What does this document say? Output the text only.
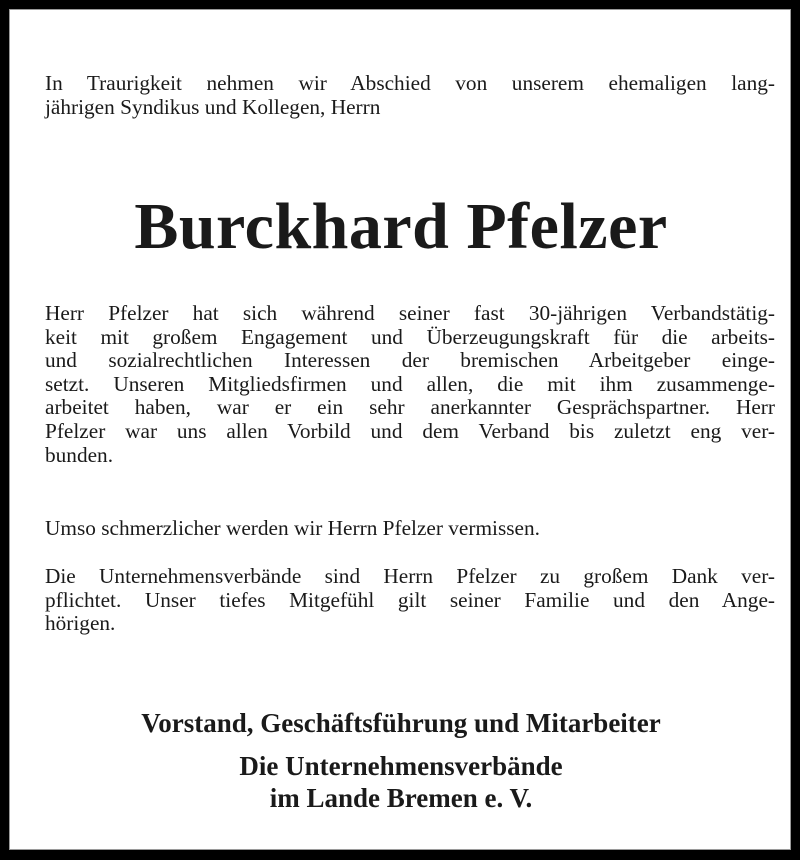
In Traurigkeit nehmen wir Abschied von unserem ehemaligen lang-
jährigen Syndikus und Kollegen, Herrn

Burckhard Pfelzer

Herr Pfelzer hat sich während seiner fast 30-jährigen Verbandstätig-
keit mit großem Engagement und Überzeugungskraft für die arbeits-
und sozialrechtlichen Interessen der bremischen Arbeitgeber einge-
setzt. Unseren Mitgliedsfirmen und allen, die mit ihm zusammenge-
arbeitet haben, war er ein sehr anerkannter Gesprächspartner. Herr
Pfelzer war uns allen Vorbild und dem Verband bis zuletzt eng ver-
bunden.

Umso schmerzlicher werden wir Herrn Pfelzer vermissen.

Die Unternehmensverbände sind Herrn Pfelzer zu großem Dank ver-
pflichtet. Unser tiefes Mitgefühl gilt seiner Familie und den Ange-
hörigen.

Vorstand, Geschäftsführung und Mitarbeiter

Die Unternehmensverbände

im Lande Bremen e. V.
